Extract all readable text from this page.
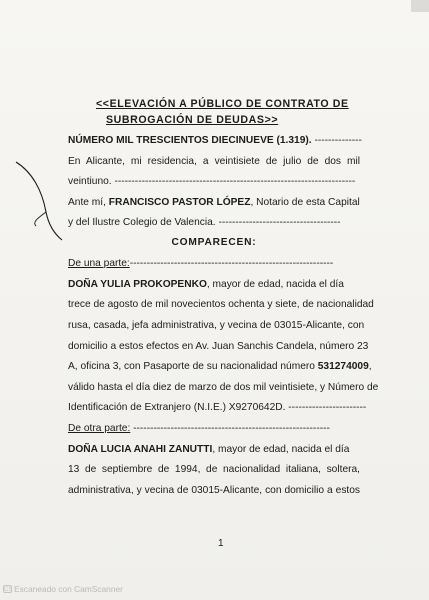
<<ELEVACIÓN A PÚBLICO DE CONTRATO DE
SUBROGACIÓN DE DEUDAS>>
NÚMERO MIL TRESCIENTOS DIECINUEVE (1.319). --------------
En Alicante, mi residencia, a veintisiete de julio de dos mil
veintiuno. -----------------------------------------------------------------------
Ante mí, FRANCISCO PASTOR LÓPEZ, Notario de esta Capital
y del Ilustre Colegio de Valencia. ------------------------------------
COMPARECEN:
De una parte:------------------------------------------------------------
DOÑA YULIA PROKOPENKO, mayor de edad, nacida el día
trece de agosto de mil novecientos ochenta y siete, de nacionalidad
rusa, casada, jefa administrativa, y vecina de 03015-Alicante, con
domicilio a estos efectos en Av. Juan Sanchis Candela, número 23
A, oficina 3, con Pasaporte de su nacionalidad número 531274009,
válido hasta el día diez de marzo de dos mil veintisiete, y Número de
Identificación de Extranjero (N.I.E.) X9270642D. -----------------------
De otra parte: ----------------------------------------------------------
DOÑA LUCIA ANAHI ZANUTTI, mayor de edad, nacida el día
13 de septiembre de 1994, de nacionalidad italiana, soltera,
administrativa, y vecina de 03015-Alicante, con domicilio a estos
1
CS Escaneado con CamScanner
